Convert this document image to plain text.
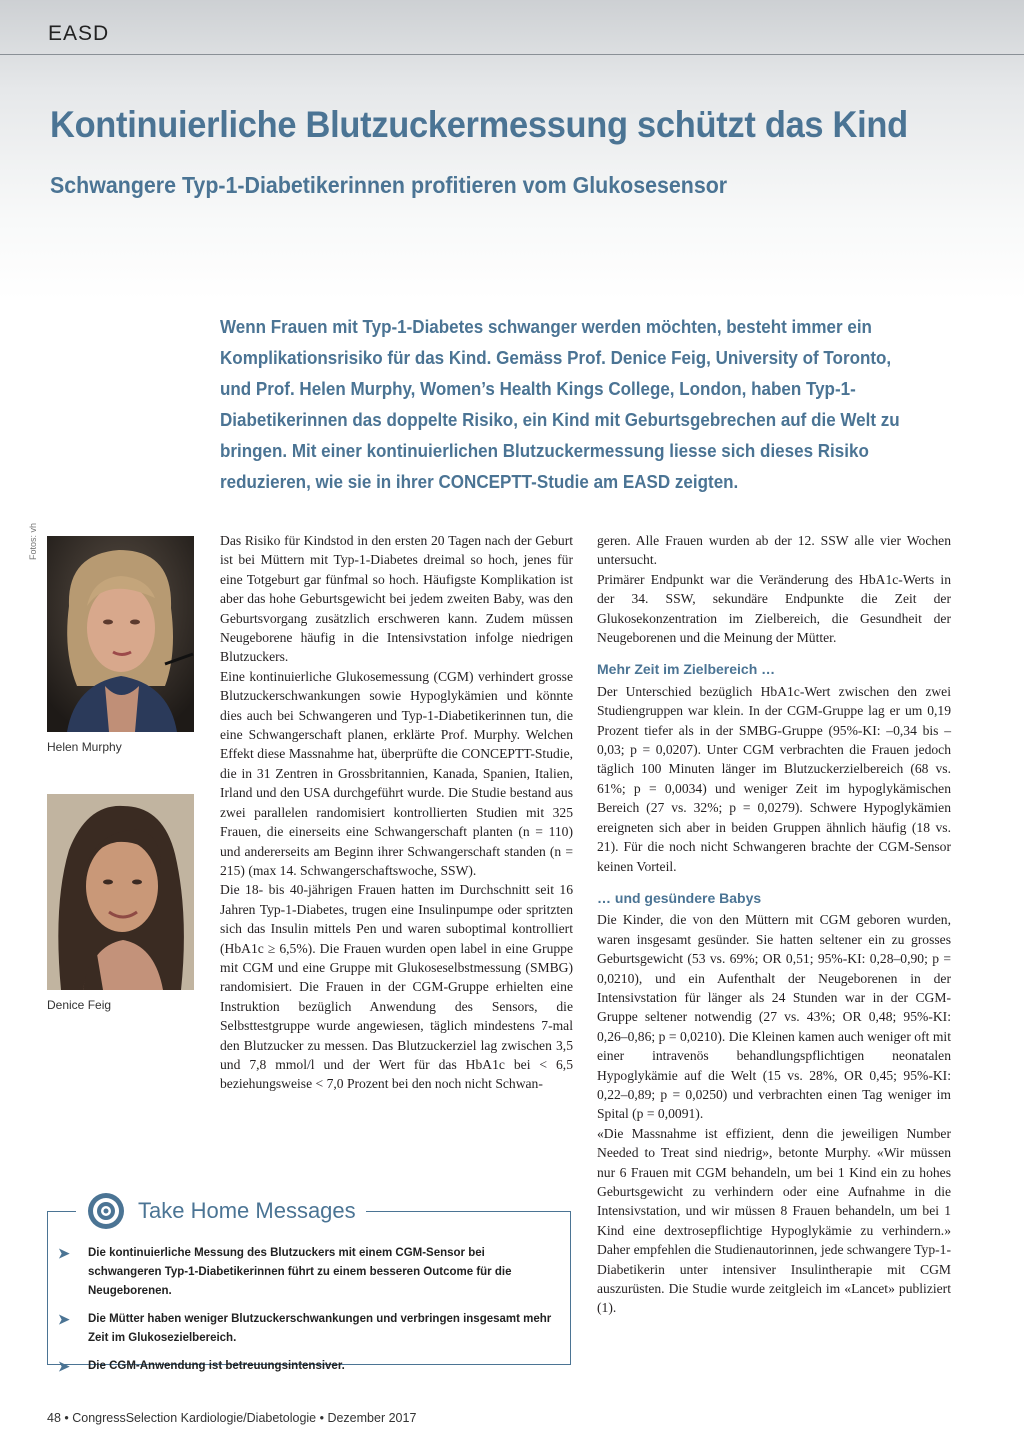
EASD
Kontinuierliche Blutzuckermessung schützt das Kind
Schwangere Typ-1-Diabetikerinnen profitieren vom Glukosesensor

Wenn Frauen mit Typ-1-Diabetes schwanger werden möchten, besteht immer ein Komplikationsrisiko für das Kind. Gemäss Prof. Denice Feig, University of Toronto, und Prof. Helen Murphy, Women’s Health Kings College, London, haben Typ-1-Diabetikerinnen das doppelte Risiko, ein Kind mit Geburtsgebrechen auf die Welt zu bringen. Mit einer kontinuierlichen Blutzuckermessung liesse sich dieses Risiko reduzieren, wie sie in ihrer CONCEPTT-Studie am EASD zeigten.

Fotos: vh
Helen Murphy
Denice Feig

Das Risiko für Kindstod in den ersten 20 Tagen nach der Geburt ist bei Müttern mit Typ-1-Diabetes dreimal so hoch, jenes für eine Totgeburt gar fünfmal so hoch. Häufigste Komplikation ist aber das hohe Geburtsgewicht bei jedem zweiten Baby, was den Geburtsvorgang zusätzlich erschweren kann. Zudem müssen Neugeborene häufig in die Intensivstation infolge niedrigen Blutzuckers.

Eine kontinuierliche Glukosemessung (CGM) verhindert grosse Blutzuckerschwankungen sowie Hypoglykämien und könnte dies auch bei Schwangeren und Typ-1-Diabetikerinnen tun, die eine Schwangerschaft planen, erklärte Prof. Murphy. Welchen Effekt diese Massnahme hat, überprüfte die CONCEPTT-Studie, die in 31 Zentren in Grossbritannien, Kanada, Spanien, Italien, Irland und den USA durchgeführt wurde. Die Studie bestand aus zwei parallelen randomisiert kontrollierten Studien mit 325 Frauen, die einerseits eine Schwangerschaft planten (n = 110) und andererseits am Beginn ihrer Schwangerschaft standen (n = 215) (max 14. Schwangerschaftswoche, SSW).

Die 18- bis 40-jährigen Frauen hatten im Durchschnitt seit 16 Jahren Typ-1-Diabetes, trugen eine Insulinpumpe oder spritzten sich das Insulin mittels Pen und waren suboptimal kontrolliert (HbA1c ≥ 6,5%). Die Frauen wurden open label in eine Gruppe mit CGM und eine Gruppe mit Glukoseselbstmessung (SMBG) randomisiert. Die Frauen in der CGM-Gruppe erhielten eine Instruktion bezüglich Anwendung des Sensors, die Selbsttestgruppe wurde angewiesen, täglich mindestens 7-mal den Blutzucker zu messen. Das Blutzuckerziel lag zwischen 3,5 und 7,8 mmol/l und der Wert für das HbA1c bei < 6,5 beziehungsweise < 7,0 Prozent bei den noch nicht Schwan-

geren. Alle Frauen wurden ab der 12. SSW alle vier Wochen untersucht.

Primärer Endpunkt war die Veränderung des HbA1c-Werts in der 34. SSW, sekundäre Endpunkte die Zeit der Glukosekonzentration im Zielbereich, die Gesundheit der Neugeborenen und die Meinung der Mütter.

Mehr Zeit im Zielbereich …

Der Unterschied bezüglich HbA1c-Wert zwischen den zwei Studiengruppen war klein. In der CGM-Gruppe lag er um 0,19 Prozent tiefer als in der SMBG-Gruppe (95%-KI: –0,34 bis –0,03; p = 0,0207). Unter CGM verbrachten die Frauen jedoch täglich 100 Minuten länger im Blutzuckerzielbereich (68 vs. 61%; p = 0,0034) und weniger Zeit im hypoglykämischen Bereich (27 vs. 32%; p = 0,0279). Schwere Hypoglykämien ereigneten sich aber in beiden Gruppen ähnlich häufig (18 vs. 21). Für die noch nicht Schwangeren brachte der CGM-Sensor keinen Vorteil.

… und gesündere Babys

Die Kinder, die von den Müttern mit CGM geboren wurden, waren insgesamt gesünder. Sie hatten seltener ein zu grosses Geburtsgewicht (53 vs. 69%; OR 0,51; 95%-KI: 0,28–0,90; p = 0,0210), und ein Aufenthalt der Neugeborenen in der Intensivstation für länger als 24 Stunden war in der CGM-Gruppe seltener notwendig (27 vs. 43%; OR 0,48; 95%-KI: 0,26–0,86; p = 0,0210). Die Kleinen kamen auch weniger oft mit einer intravenös behandlungspflichtigen neonatalen Hypoglykämie auf die Welt (15 vs. 28%, OR 0,45; 95%-KI: 0,22–0,89; p = 0,0250) und verbrachten einen Tag weniger im Spital (p = 0,0091).

«Die Massnahme ist effizient, denn die jeweiligen Number Needed to Treat sind niedrig», betonte Murphy. «Wir müssen nur 6 Frauen mit CGM behandeln, um bei 1 Kind ein zu hohes Geburtsgewicht zu verhindern oder eine Aufnahme in die Intensivstation, und wir müssen 8 Frauen behandeln, um bei 1 Kind eine dextrosepflichtige Hypoglykämie zu verhindern.» Daher empfehlen die Studienautorinnen, jede schwangere Typ-1-Diabetikerin unter intensiver Insulintherapie mit CGM auszurüsten. Die Studie wurde zeitgleich im «Lancet» publiziert (1).

Take Home Messages
➤ Die kontinuierliche Messung des Blutzuckers mit einem CGM-Sensor bei schwangeren Typ-1-Diabetikerinnen führt zu einem besseren Outcome für die Neugeborenen.
➤ Die Mütter haben weniger Blutzuckerschwankungen und verbringen insgesamt mehr Zeit im Glukosezielbereich.
➤ Die CGM-Anwendung ist betreuungsintensiver.
48 • CongressSelection Kardiologie/Diabetologie • Dezember 2017
